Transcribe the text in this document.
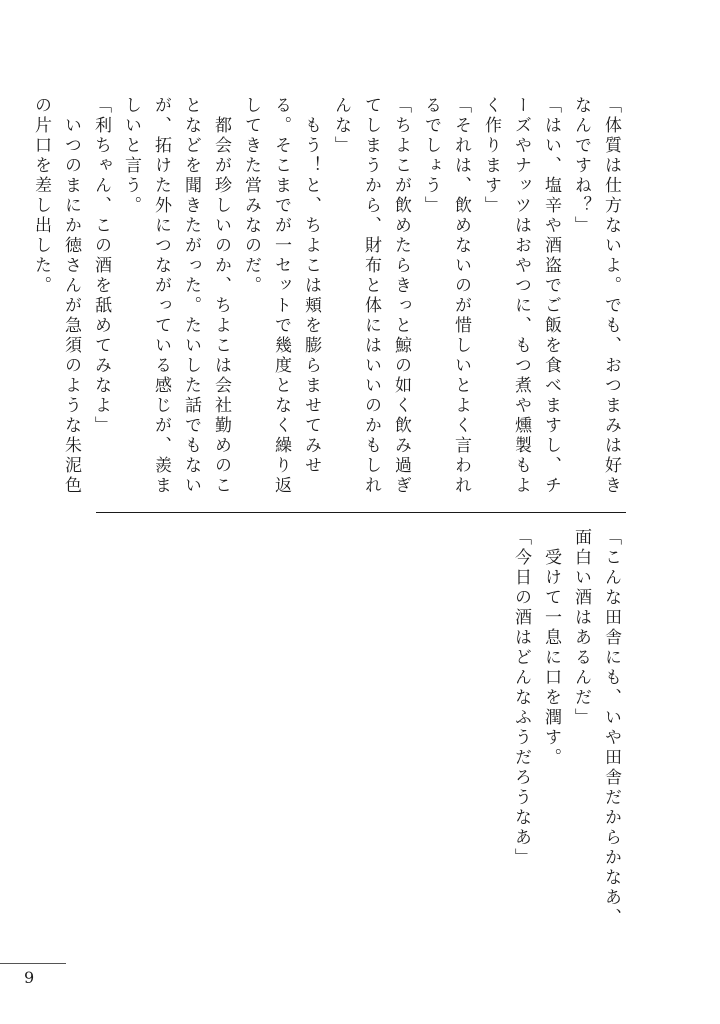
「体質は仕方ないよ。でも、おつまみは好きなんですね？」

「はい、塩辛や酒盗でご飯を食べますし、チーズやナッツはおやつに、もつ煮や燻製もよく作ります」

「それは、飲めないのが惜しいとよく言われるでしょう」

「ちよこが飲めたらきっと鯨の如く飲み過ぎてしまうから、財布と体にはいいのかもしれんな」

　もう！と、ちよこは頬を膨らませてみせる。そこまでが一セットで幾度となく繰り返してきた営みなのだ。

　都会が珍しいのか、ちよこは会社勤めのことなどを聞きたがった。たいした話でもないが、拓けた外につながっている感じが、羨ましいと言う。

「利ちゃん、この酒を舐めてみなよ」

　いつのまにか徳さんが急須のような朱泥色の片口を差し出した。

「こんな田舎にも、いや田舎だからかなあ、面白い酒はあるんだ」

　受けて一息に口を潤す。

「今日の酒はどんなふうだろうなあ」

9
